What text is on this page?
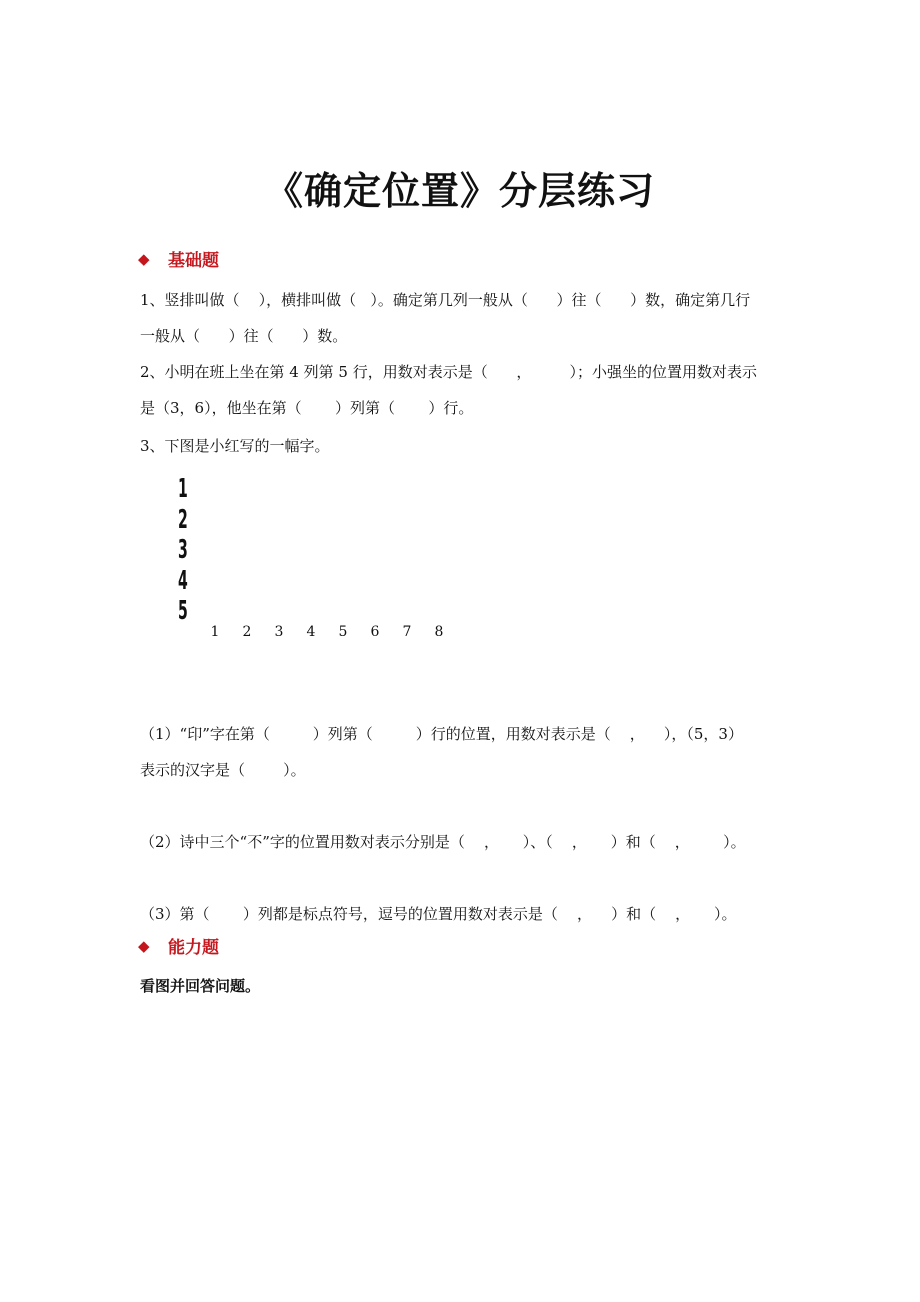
《确定位置》分层练习
◆	基础题
1、竖排叫做（    ），横排叫做（   ）。确定第几列一般从（      ）往（      ）数，确定第几行
一般从（      ）往（      ）数。
2、小明在班上坐在第 4 列第 5 行，用数对表示是（      ，        ）；小强坐的位置用数对表示
是（3，6），他坐在第（       ）列第（       ）行。
3、下图是小红写的一幅字。
1
2
3
4
5
1 2 3 4 5 6 7 8
（1）“印”字在第（         ）列第（         ）行的位置，用数对表示是（    ，    ），（5，3）
表示的汉字是（        ）。
（2）诗中三个“不”字的位置用数对表示分别是（    ，     ）、（    ，     ）和（    ，       ）。
（3）第（       ）列都是标点符号，逗号的位置用数对表示是（    ，    ）和（    ，     ）。
◆	能力题
看图并回答问题。
